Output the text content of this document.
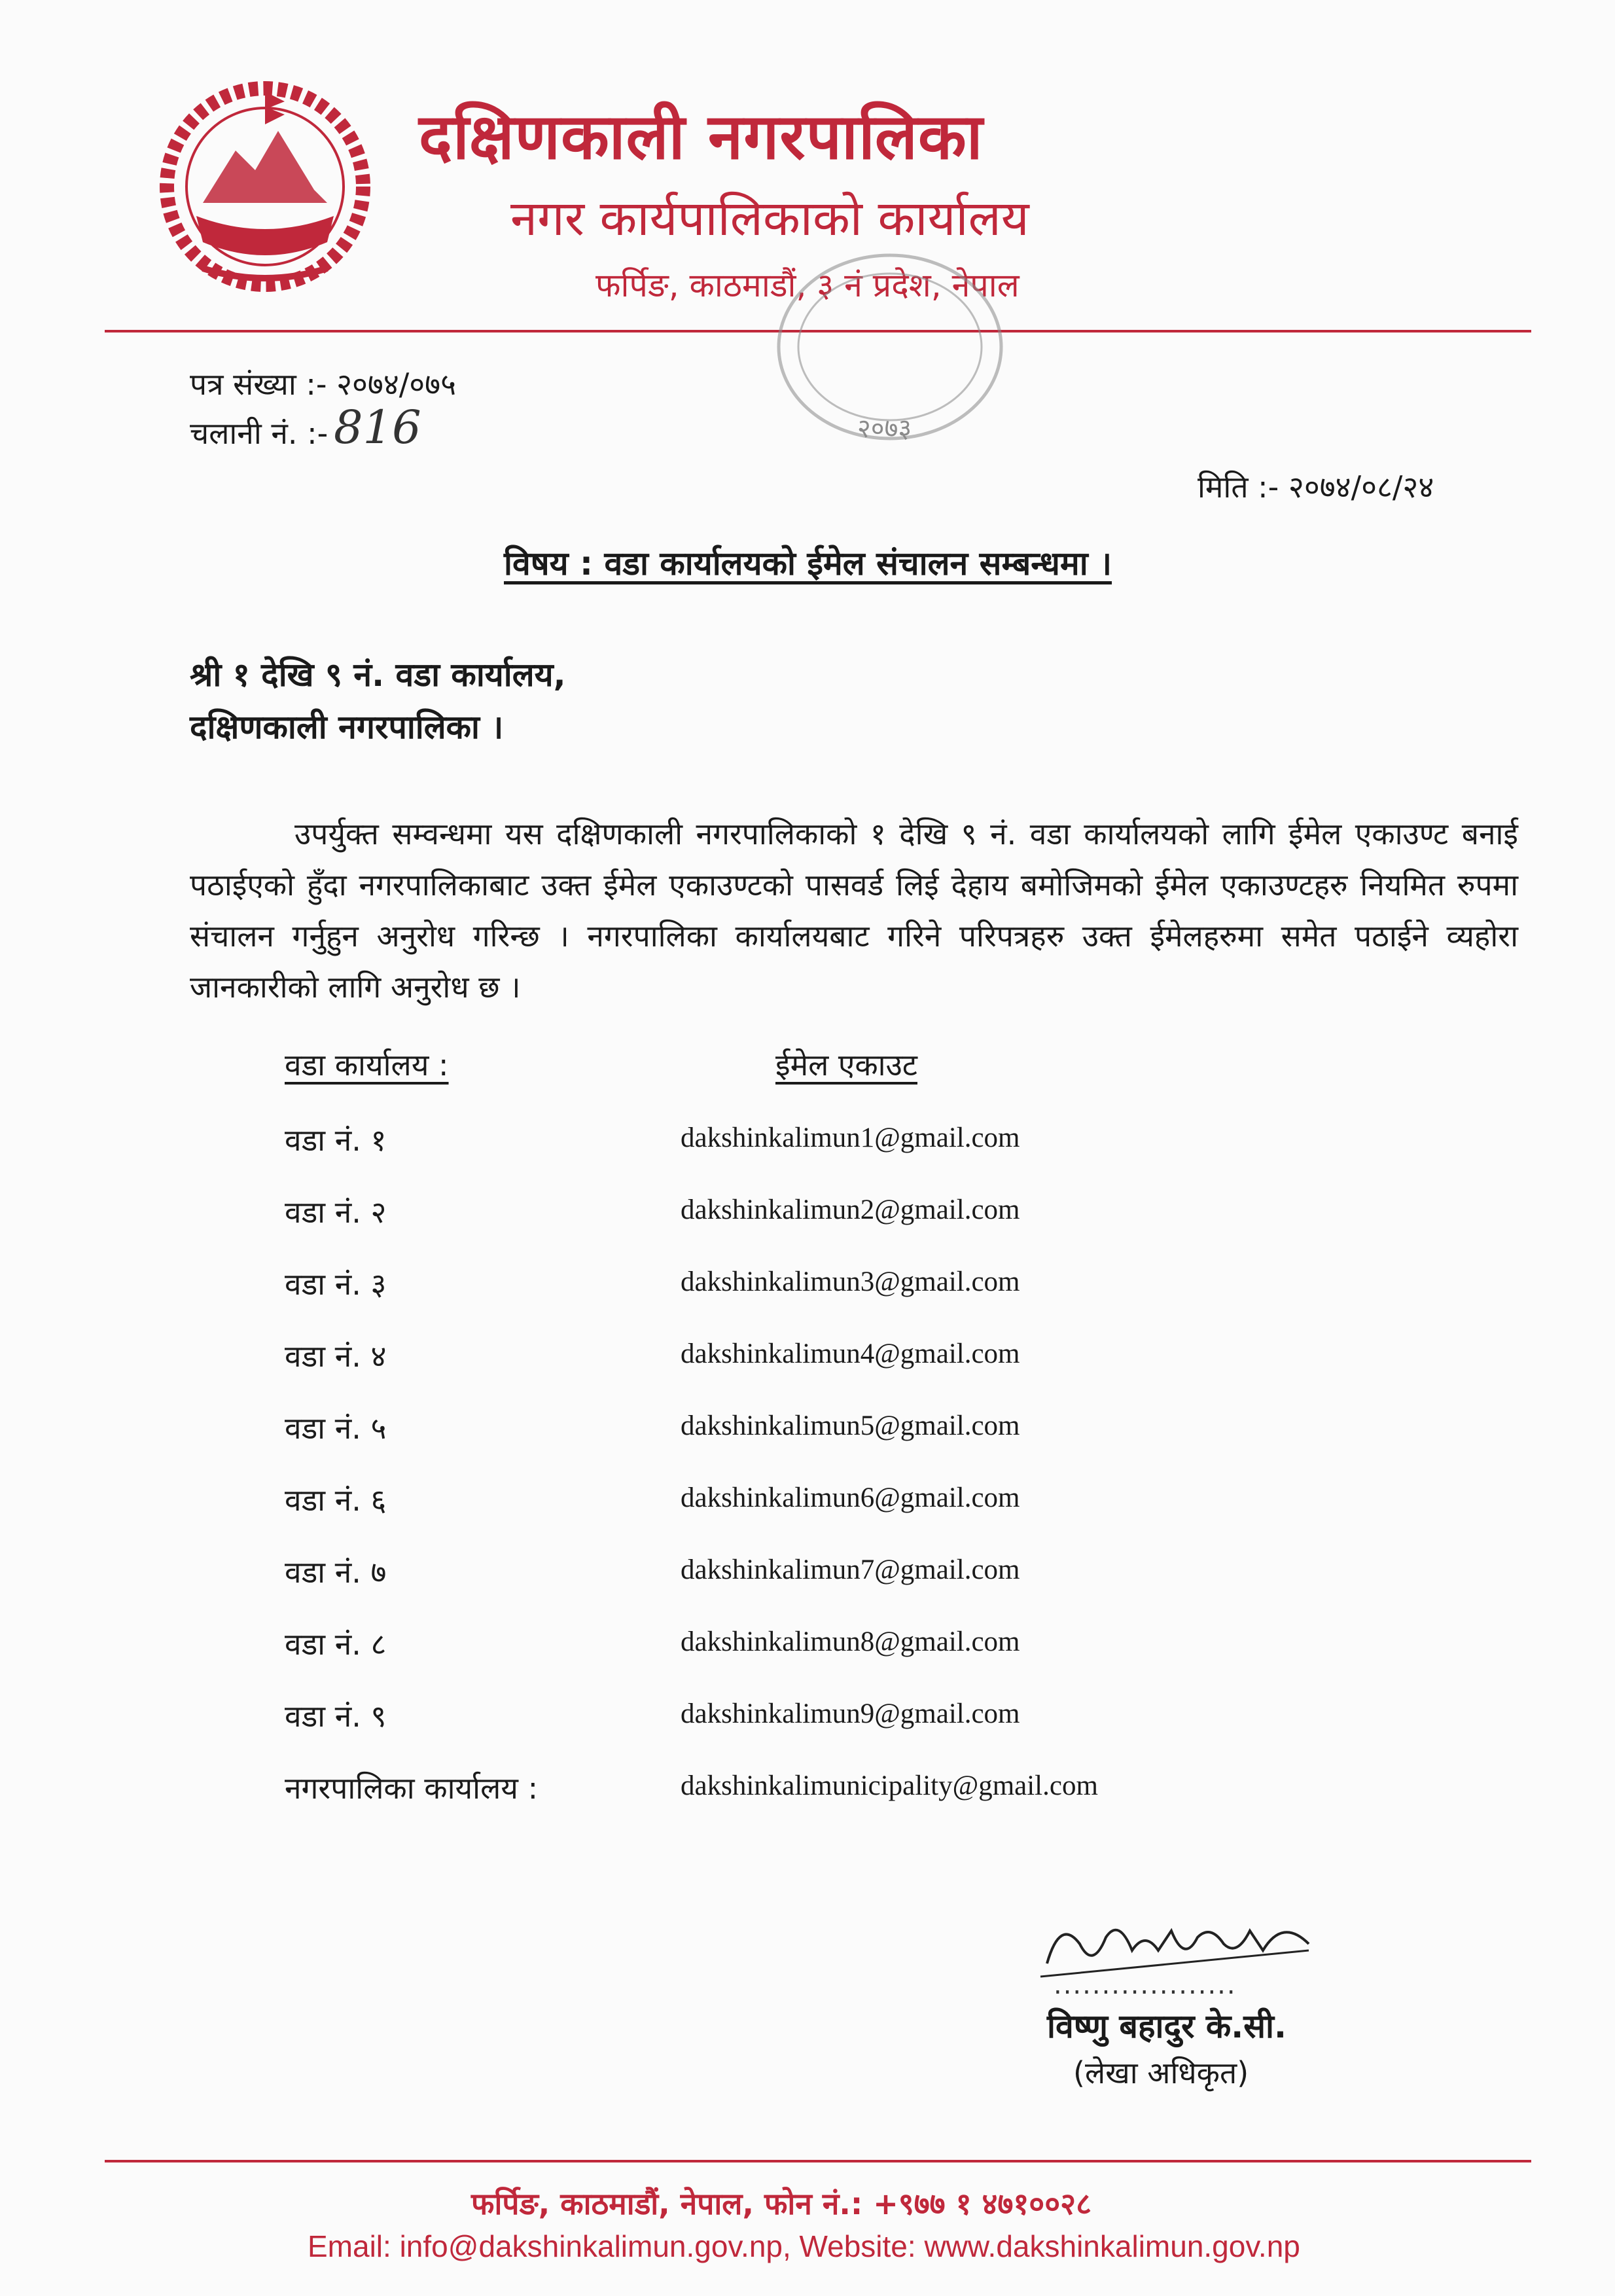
दक्षिणकाली नगरपालिका
नगर कार्यपालिकाको कार्यालय
फर्पिङ, काठमाडौं, ३ नं प्रदेश, नेपाल
२०७३
पत्र संख्या :- २०७४/०७५
चलानी नं. :- 816
मिति :- २०७४/०८/२४
विषय : वडा कार्यालयको ईमेल संचालन सम्बन्धमा ।
श्री १ देखि ९ नं. वडा कार्यालय,
दक्षिणकाली नगरपालिका ।
उपर्युक्त सम्वन्धमा यस दक्षिणकाली नगरपालिकाको १ देखि ९ नं. वडा कार्यालयको लागि ईमेल एकाउण्ट बनाई पठाईएको हुँदा नगरपालिकाबाट उक्त ईमेल एकाउण्टको पासवर्ड लिई देहाय बमोजिमको ईमेल एकाउण्टहरु नियमित रुपमा संचालन गर्नुहुन अनुरोध गरिन्छ । नगरपालिका कार्यालयबाट गरिने परिपत्रहरु उक्त ईमेलहरुमा समेत पठाईने व्यहोरा जानकारीको लागि अनुरोध छ ।
वडा कार्यालय :	ईमेल एकाउट
वडा नं. १	dakshinkalimun1@gmail.com
वडा नं. २	dakshinkalimun2@gmail.com
वडा नं. ३	dakshinkalimun3@gmail.com
वडा नं. ४	dakshinkalimun4@gmail.com
वडा नं. ५	dakshinkalimun5@gmail.com
वडा नं. ६	dakshinkalimun6@gmail.com
वडा नं. ७	dakshinkalimun7@gmail.com
वडा नं. ८	dakshinkalimun8@gmail.com
वडा नं. ९	dakshinkalimun9@gmail.com
नगरपालिका कार्यालय :	dakshinkalimunicipality@gmail.com
...................
विष्णु बहादुर के.सी.
(लेखा अधिकृत)
फर्पिङ, काठमाडौं, नेपाल, फोन नं.: +९७७ १ ४७१००२८
Email: info@dakshinkalimun.gov.np, Website: www.dakshinkalimun.gov.np
